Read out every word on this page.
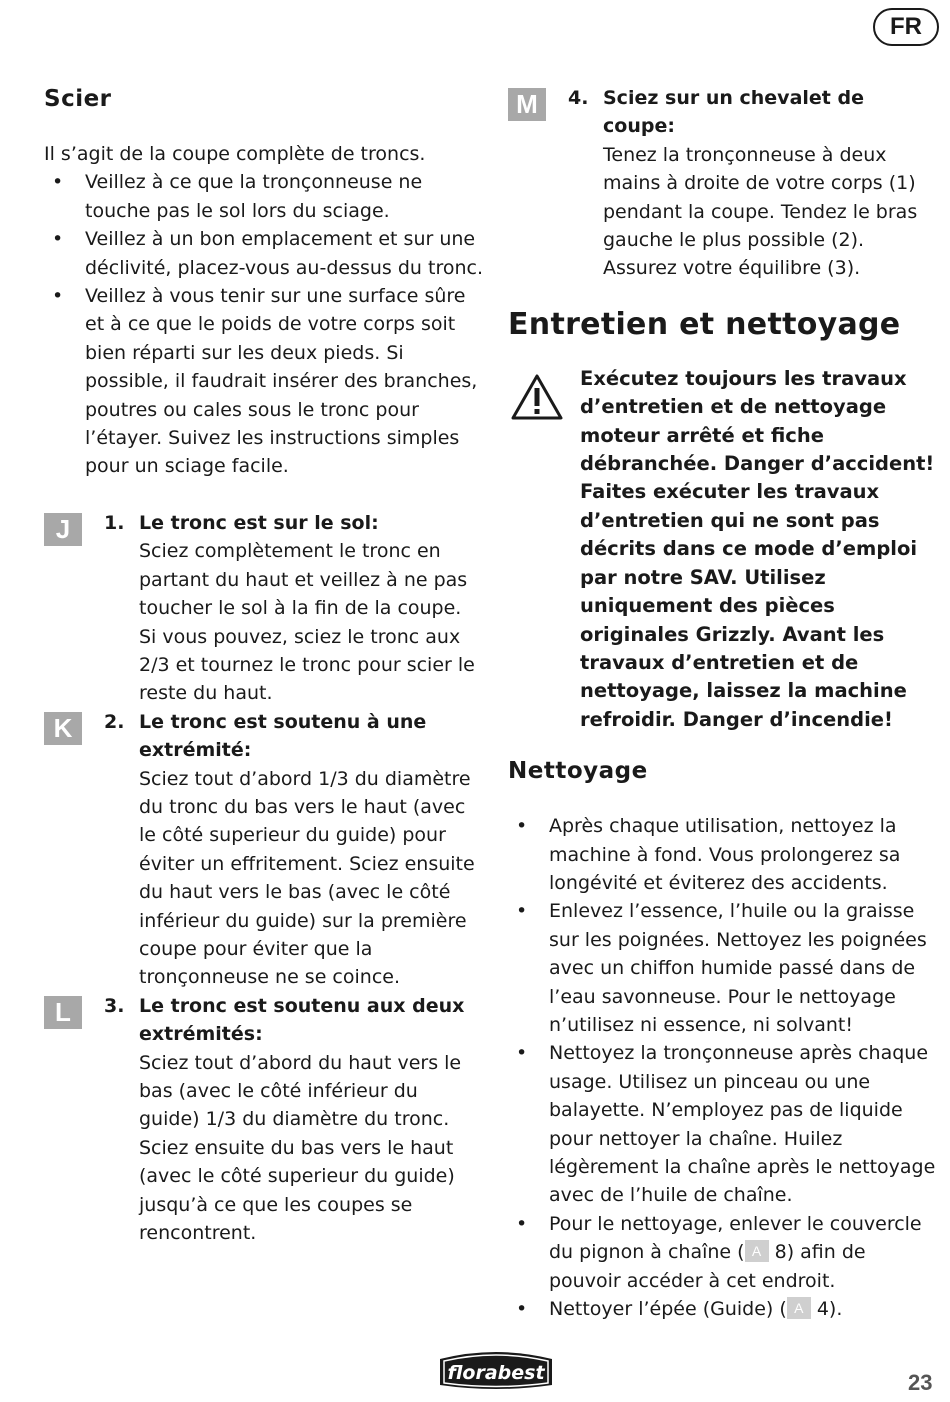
FR
Scier

Il s’agit de la coupe complète de troncs.

• Veillez à ce que la tronçonneuse ne touche pas le sol lors du sciage.
• Veillez à un bon emplacement et sur une déclivité, placez-vous au-dessus du tronc.
• Veillez à vous tenir sur une surface sûre et à ce que le poids de votre corps soit bien réparti sur les deux pieds. Si possible, il faudrait insérer des branches, poutres ou cales sous le tronc pour l’étayer. Suivez les instructions simples pour un sciage facile.
J	1. Le tronc est sur le sol:

Sciez complètement le tronc en partant du haut et veillez à ne pas toucher le sol à la fin de la coupe. Si vous pouvez, sciez le tronc aux 2/3 et tournez le tronc pour scier le reste du haut.

K	2. Le tronc est soutenu à une extrémité:

Sciez tout d’abord 1/3 du diamètre du tronc du bas vers le haut (avec le côté superieur du guide) pour éviter un effritement. Sciez ensuite du haut vers le bas (avec le côté inférieur du guide) sur la première coupe pour éviter que la tronçonneuse ne se coince.

L	3. Le tronc est soutenu aux deux extrémités:

Sciez tout d’abord du haut vers le bas (avec le côté inférieur du guide) 1/3 du diamètre du tronc. Sciez ensuite du bas vers le haut (avec le côté superieur du guide) jusqu’à ce que les coupes se rencontrent.

M	4. Sciez sur un chevalet de coupe:

Tenez la tronçonneuse à deux mains à droite de votre corps (1) pendant la coupe. Tendez le bras gauche le plus possible (2). Assurez votre équilibre (3).

Entretien et nettoyage

Exécutez toujours les travaux d’entretien et de nettoyage moteur arrêté et fiche débranchée. Danger d’accident! Faites exécuter les travaux d’entretien qui ne sont pas décrits dans ce mode d’emploi par notre SAV. Utilisez uniquement des pièces originales Grizzly. Avant les travaux d’entretien et de nettoyage, laissez la machine refroidir. Danger d’incendie!

Nettoyage
• Après chaque utilisation, nettoyez la machine à fond. Vous prolongerez sa longévité et éviterez des accidents.
• Enlevez l’essence, l’huile ou la graisse sur les poignées. Nettoyez les poignées avec un chiffon humide passé dans de l’eau savonneuse. Pour le nettoyage n’utilisez ni essence, ni solvant!
• Nettoyez la tronçonneuse après chaque usage. Utilisez un pinceau ou une balayette. N’employez pas de liquide pour nettoyer la chaîne. Huilez légèrement la chaîne après le nettoyage avec de l’huile de chaîne.
• Pour le nettoyage, enlever le couvercle du pignon à chaîne ( A 8) afin de pouvoir accéder à cet endroit.
• Nettoyer l’épée (Guide) ( A 4).
florabest	23
